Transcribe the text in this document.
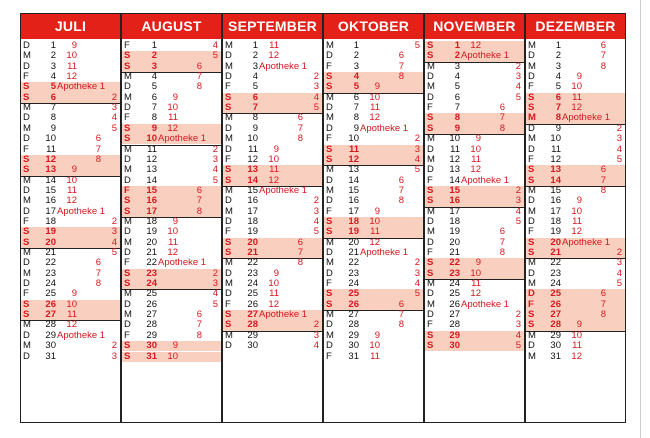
JULI
D	1	9
M	2	10
D	3	11
F	4	12
S	5 Apotheke 1
S	6	2
M	7	3
D	8	4
M	9	5
D	10	6
F	11	7
S	12	8
S	13	9
M	14	10
D	15	11
M	16	12
D	17 Apotheke 1
F	18	2
S	19	3
S	20	4
M	21	5
D	22	6
M	23	7
D	24	8
F	25	9
S	26	10
S	27	11
M	28	12
D	29 Apotheke 1
M	30	2
D	31	3
AUGUST
F	1	4
S	2	5
S	3	6
M	4	7
D	5	8
M	6	9
D	7	10
F	8	11
S	9	12
S	10 Apotheke 1
M	11	2
D	12	3
M	13	4
D	14	5
F	15	6
S	16	7
S	17	8
M	18	9
D	19	10
M	20	11
D	21	12
F	22 Apotheke 1
S	23	2
S	24	3
M	25	4
D	26	5
M	27	6
D	28	7
F	29	8
S	30	9
S	31	10
SEPTEMBER
M	1	11
D	2	12
M	3 Apotheke 1
D	4	2
F	5	3
S	6	4
S	7	5
M	8	6
D	9	7
M	10	8
D	11	9
F	12	10
S	13	11
S	14	12
M	15 Apotheke 1
D	16	2
M	17	3
D	18	4
F	19	5
S	20	6
S	21	7
M	22	8
D	23	9
M	24	10
D	25	11
F	26	12
S	27 Apotheke 1
S	28	2
M	29	3
D	30	4
OKTOBER
M	1	5
D	2	6
F	3	7
S	4	8
S	5	9
M	6	10
D	7	11
M	8	12
D	9 Apotheke 1
F	10	2
S	11	3
S	12	4
M	13	5
D	14	6
M	15	7
D	16	8
F	17	9
S	18	10
S	19	11
M	20	12
D	21 Apotheke 1
M	22	2
D	23	3
F	24	4
S	25	5
S	26	6
M	27	7
D	28	8
M	29	9
D	30	10
F	31	11
NOVEMBER
S	1	12
S	2 Apotheke 1
M	3	2
D	4	3
M	5	4
D	6	5
F	7	6
S	8	7
S	9	8
M	10	9
D	11	10
M	12	11
D	13	12
F	14 Apotheke 1
S	15	2
S	16	3
M	17	4
D	18	5
M	19	6
D	20	7
F	21	8
S	22	9
S	23	10
M	24	11
D	25	12
M	26 Apotheke 1
D	27	2
F	28	3
S	29	4
S	30	5
DEZEMBER
M	1	6
D	2	7
M	3	8
D	4	9
F	5	10
S	6	11
S	7	12
M	8 Apotheke 1
D	9	2
M	10	3
D	11	4
F	12	5
S	13	6
S	14	7
M	15	8
D	16	9
M	17	10
D	18	11
F	19	12
S	20 Apotheke 1
S	21	2
M	22	3
D	23	4
M	24	5
D	25	6
F	26	7
S	27	8
S	28	9
M	29	10
D	30	11
M	31	12
